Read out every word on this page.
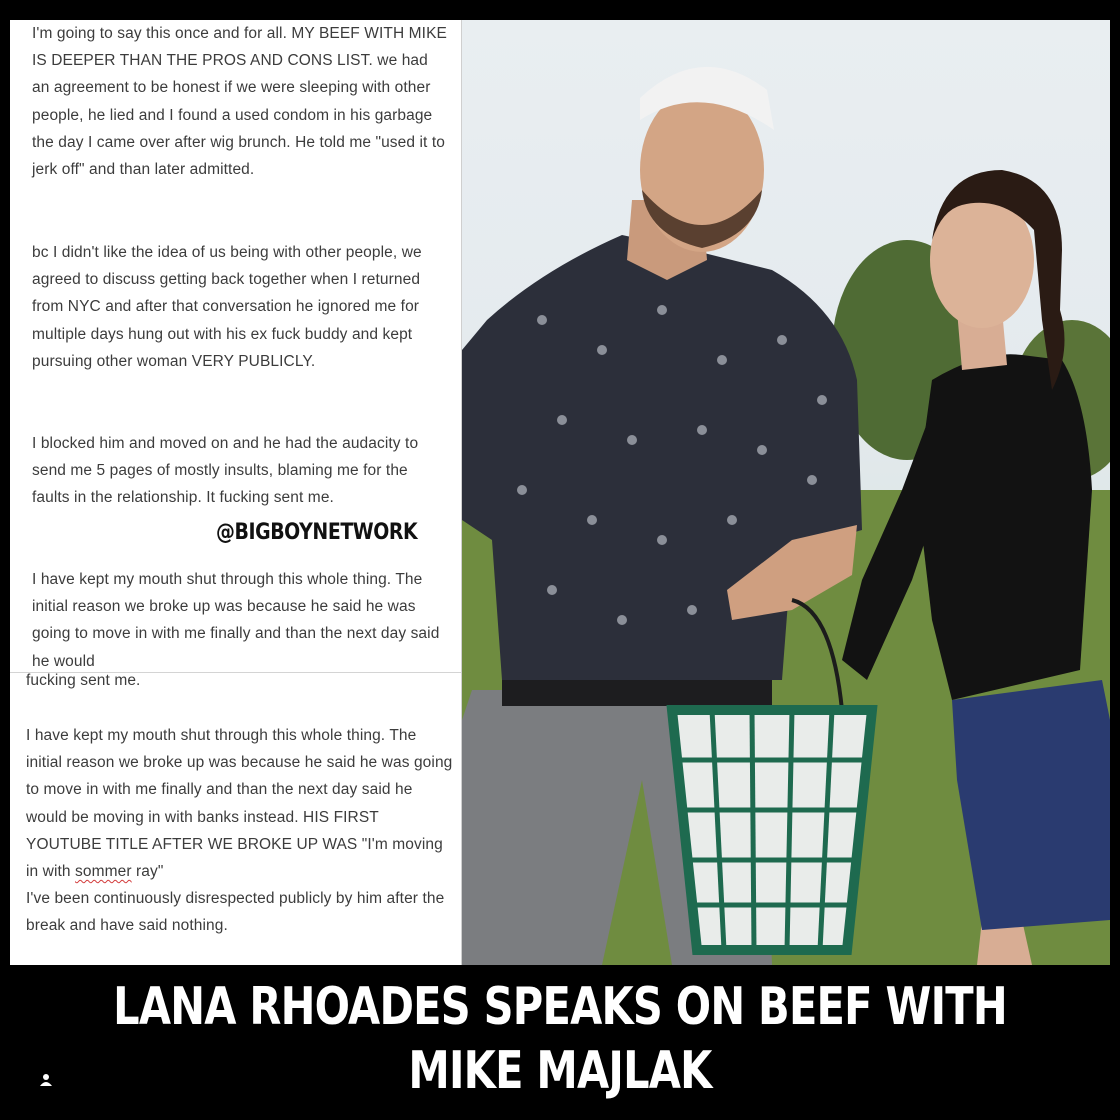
I'm going to say this once and for all. MY BEEF WITH MIKE IS DEEPER THAN THE PROS AND CONS LIST. we had an agreement to be honest if we were sleeping with other people, he lied and I found a used condom in his garbage the day I came over after wig brunch. He told me "used it to jerk off" and than later admitted.
bc I didn't like the idea of us being with other people, we agreed to discuss getting back together when I returned from NYC and after that conversation he ignored me for multiple days hung out with his ex fuck buddy and kept pursuing other woman VERY PUBLICLY.
I blocked him and moved on and he had the audacity to send me 5 pages of mostly insults, blaming me for the faults in the relationship. It fucking sent me.
I have kept my mouth shut through this whole thing. The initial reason we broke up was because he said he was going to move in with me finally and than the next day said he would
fucking sent me.
I have kept my mouth shut through this whole thing. The initial reason we broke up was because he said he was going to move in with me finally and than the next day said he would be moving in with banks instead. HIS FIRST YOUTUBE TITLE AFTER WE BROKE UP WAS "I'm moving in with sommer ray"
I've been continuously disrespected publicly by him after the break and have said nothing.
@BIGBOYNETWORK
LANA RHOADES SPEAKS ON BEEF WITH
MIKE MAJLAK
